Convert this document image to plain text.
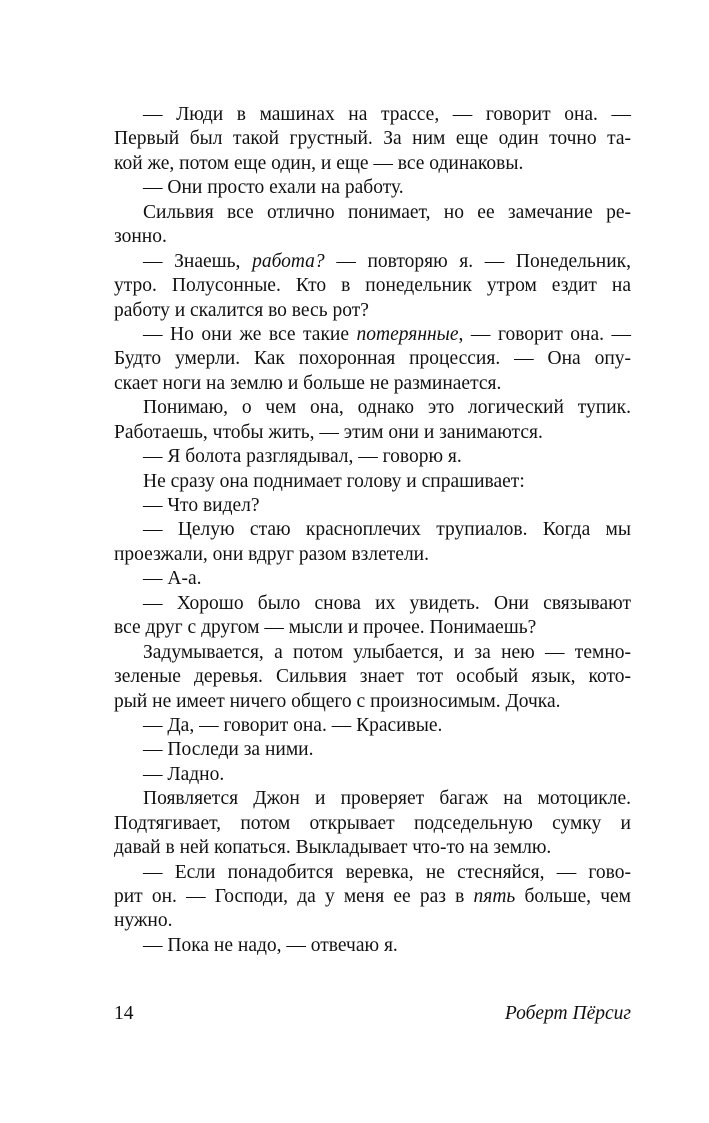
— Люди в машинах на трассе, — говорит она. —
Первый был такой грустный. За ним еще один точно та-
кой же, потом еще один, и еще — все одинаковы.
— Они просто ехали на работу.
Сильвия все отлично понимает, но ее замечание ре-
зонно.
— Знаешь, работа? — повторяю я. — Понедельник,
утро. Полусонные. Кто в понедельник утром ездит на
работу и скалится во весь рот?
— Но они же все такие потерянные, — говорит она. —
Будто умерли. Как похоронная процессия. — Она опу-
скает ноги на землю и больше не разминается.
Понимаю, о чем она, однако это логический тупик.
Работаешь, чтобы жить, — этим они и занимаются.
— Я болота разглядывал, — говорю я.
Не сразу она поднимает голову и спрашивает:
— Что видел?
— Целую стаю красноплечих трупиалов. Когда мы
проезжали, они вдруг разом взлетели.
— А-а.
— Хорошо было снова их увидеть. Они связывают
все друг с другом — мысли и прочее. Понимаешь?
Задумывается, а потом улыбается, и за нею — темно-
зеленые деревья. Сильвия знает тот особый язык, кото-
рый не имеет ничего общего с произносимым. Дочка.
— Да, — говорит она. — Красивые.
— Последи за ними.
— Ладно.
Появляется Джон и проверяет багаж на мотоцикле.
Подтягивает, потом открывает подседельную сумку и
давай в ней копаться. Выкладывает что-то на землю.
— Если понадобится веревка, не стесняйся, — гово-
рит он. — Господи, да у меня ее раз в пять больше, чем
нужно.
— Пока не надо, — отвечаю я.
14	Роберт Пёрсиг
